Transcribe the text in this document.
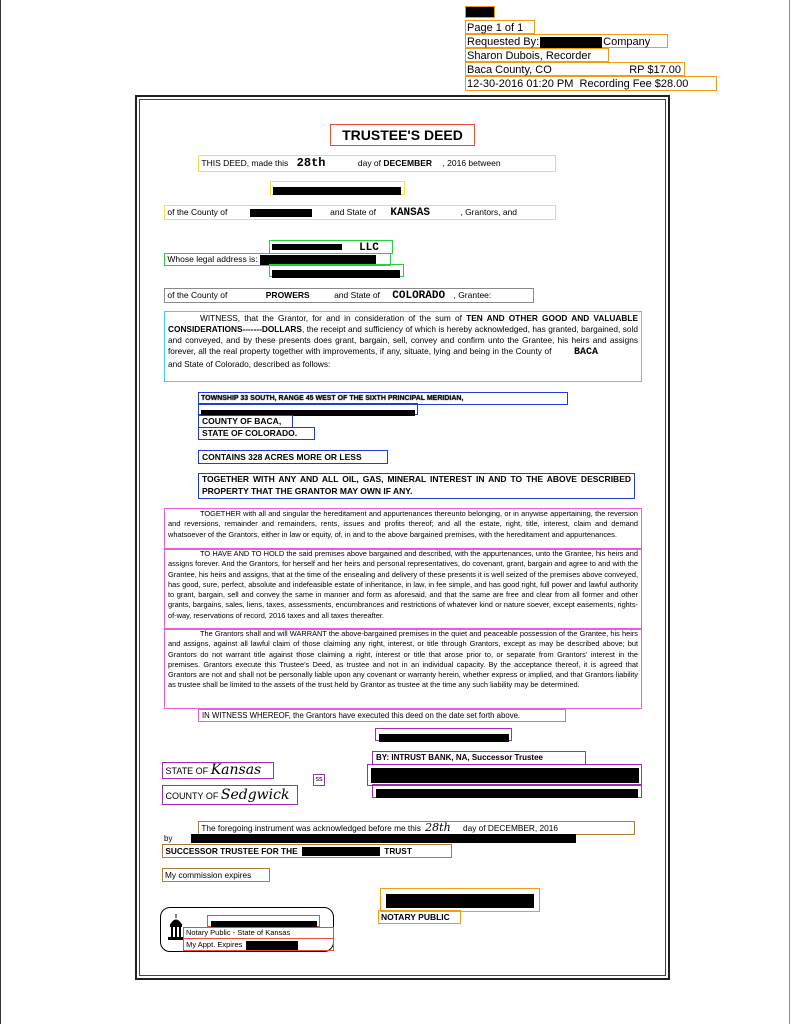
Page 1 of 1
Requested By:	Company
Sharon Dubois, Recorder
Baca County, CO	RP $17.00
12-30-2016 01:20 PM Recording Fee $28.00
TRUSTEE'S DEED
THIS DEED, made this 28th	day of DECEMBER , 2016 between
of the County of	and State of KANSAS	, Grantors, and
LLC
Whose legal address is:
of the County of	PROWERS	and State of COLORADO , Grantee:
WITNESS, that the Grantor, for and in consideration of the sum of TEN AND OTHER GOOD AND VALUABLE CONSIDERATIONS-------DOLLARS, the receipt and sufficiency of which is hereby acknowledged, has granted, bargained, sold and conveyed, and by these presents does grant, bargain, sell, convey and confirm unto the Grantee, his heirs and assigns forever, all the real property together with improvements, if any, situate, lying and being in the County of BACA and State of Colorado, described as follows:
TOWNSHIP 33 SOUTH, RANGE 45 WEST OF THE SIXTH PRINCIPAL MERIDIAN,
COUNTY OF BACA,
STATE OF COLORADO.
CONTAINS 328 ACRES MORE OR LESS
TOGETHER WITH ANY AND ALL OIL, GAS, MINERAL INTEREST IN AND TO THE ABOVE DESCRIBED PROPERTY THAT THE GRANTOR MAY OWN IF ANY.
TOGETHER with all and singular the hereditament and appurtenances thereunto belonging, or in anywise appertaining, the reversion and reversions, remainder and remainders, rents, issues and profits thereof; and all the estate, right, title, interest, claim and demand whatsoever of the Grantors, either in law or equity, of, in and to the above bargained premises, with the hereditament and appurtenances.
TO HAVE AND TO HOLD the said premises above bargained and described, with the appurtenances, unto the Grantee, his heirs and assigns forever. And the Grantors, for herself and her heirs and personal representatives, do covenant, grant, bargain and agree to and with the Grantee, his heirs and assigns, that at the time of the ensealing and delivery of these presents it is well seized of the premises above conveyed, has good, sure, perfect, absolute and indefeasible estate of inheritance, in law, in fee simple, and has good right, full power and lawful authority to grant, bargain, sell and convey the same in manner and form as aforesaid, and that the same are free and clear from all former and other grants, bargains, sales, liens, taxes, assessments, encumbrances and restrictions of whatever kind or nature soever, except easements, rights-of-way, reservations of record, 2016 taxes and all taxes thereafter.
The Grantors shall and will WARRANT the above-bargained premises in the quiet and peaceable possession of the Grantee, his heirs and assigns, against all lawful claim of those claiming any right, interest, or title through Grantors, except as may be described above; but Grantors do not warrant title against those claiming a right, interest or title that arose prior to, or separate from Grantors' interest in the premises. Grantors execute this Trustee's Deed, as trustee and not in an individual capacity. By the acceptance thereof, it is agreed that Grantors are not and shall not be personally liable upon any covenant or warranty herein, whether express or implied, and that Grantors liability as trustee shall be limited to the assets of the trust held by Grantor as trustee at the time any such liability may be determined.
IN WITNESS WHEREOF, the Grantors have executed this deed on the date set forth above.
BY: INTRUST BANK, NA, Successor Trustee
STATE OF Kansas
COUNTY OF Sedgwick
ss
The foregoing instrument was acknowledged before me this 28th day of DECEMBER, 2016
by
SUCCESSOR TRUSTEE FOR THE	TRUST
My commission expires
NOTARY PUBLIC
Notary Public - State of Kansas
My Appt. Expires
